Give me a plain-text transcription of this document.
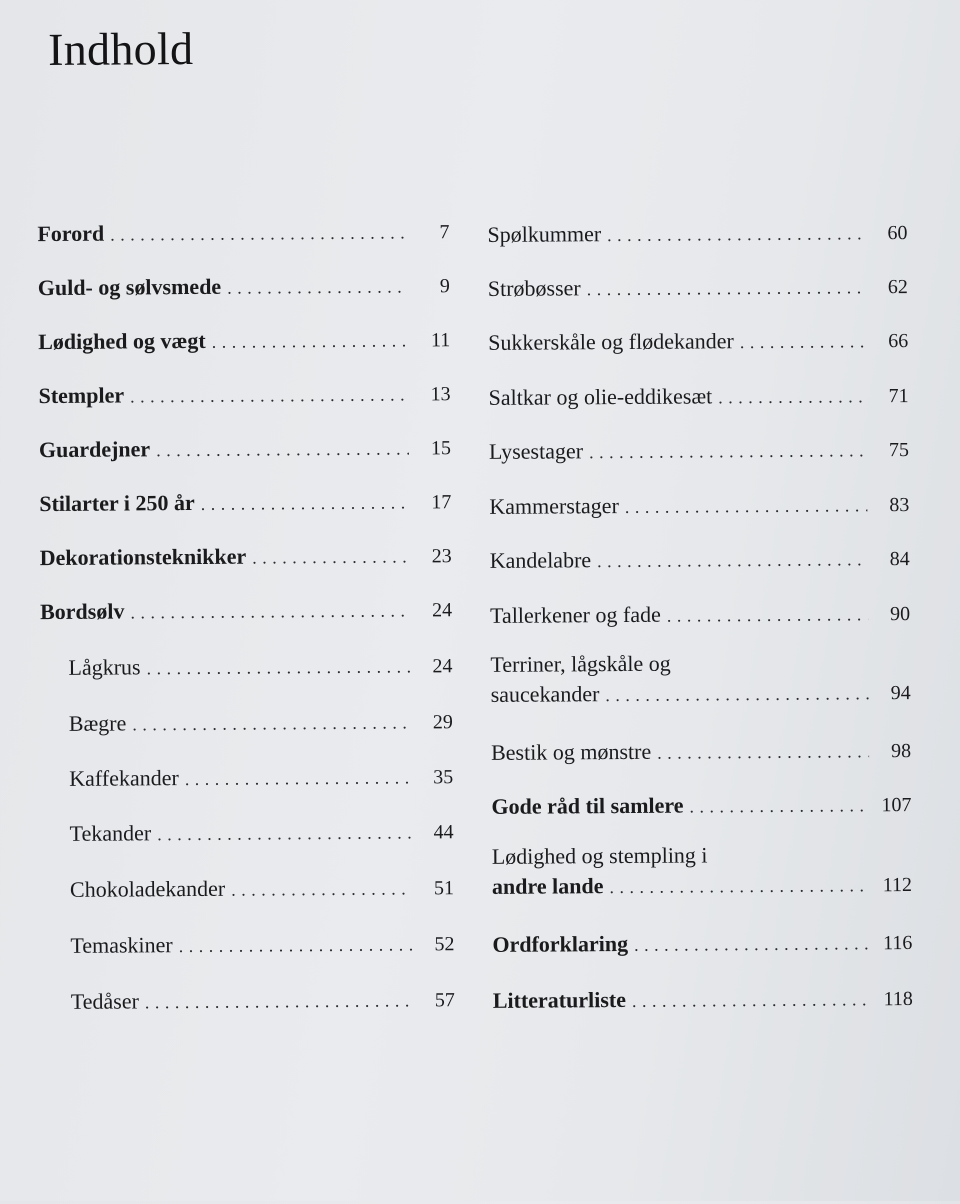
Indhold
Forord . . .	7
Guld- og sølvsmede . . .	9
Lødighed og vægt . . .	11
Stempler . . .	13
Guardejner . . .	15
Stilarter i 250 år . . .	17
Dekorationsteknikker . . .	23
Bordsølv . . .	24
Lågkrus . . .	24
Bægre . . .	29
Kaffekander . . .	35
Tekander . . .	44
Chokoladekander . . .	51
Temaskiner . . .	52
Tedåser . . .	57
Spølkummer . . .	60
Strøbøsser . . .	62
Sukkerskåle og flødekander . . .	66
Saltkar og olie-eddikesæt . . .	71
Lysestager . . .	75
Kammerstager . . .	83
Kandelabre . . .	84
Tallerkener og fade . . .	90
Terriner, lågskåle og
saucekander . . .	94
Bestik og mønstre . . .	98
Gode råd til samlere . . .	107
Lødighed og stempling i
andre lande . . .	112
Ordforklaring . . .	116
Litteraturliste . . .	118
